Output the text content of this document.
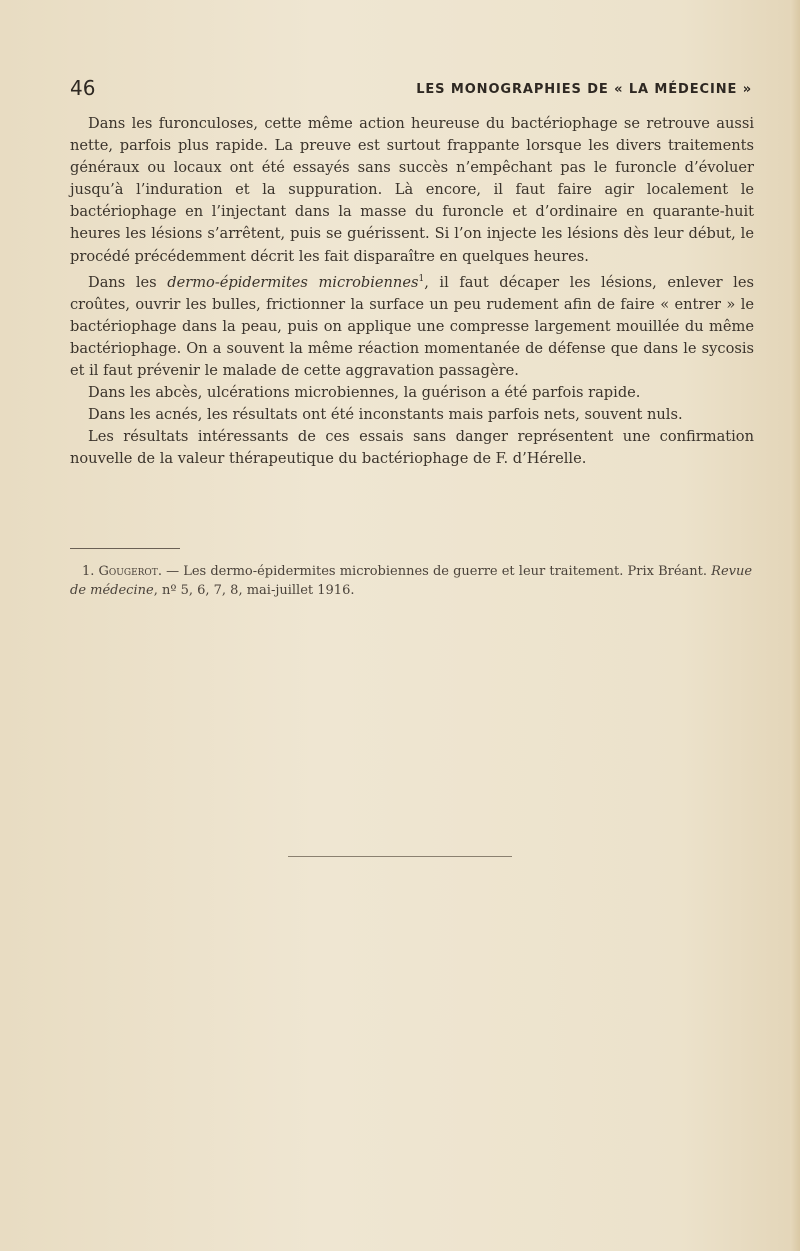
46	LES MONOGRAPHIES DE « LA MÉDECINE »

Dans les furonculoses, cette même action heureuse du bactériophage se retrouve aussi nette, parfois plus rapide. La preuve est surtout frappante lorsque les divers traitements généraux ou locaux ont été essayés sans succès n’empêchant pas le furoncle d’évoluer jusqu’à l’induration et la suppuration. Là encore, il faut faire agir localement le bactériophage en l’injectant dans la masse du furoncle et d’ordinaire en quarante-huit heures les lésions s’arrêtent, puis se guérissent. Si l’on injecte les lésions dès leur début, le procédé précédemment décrit les fait disparaître en quelques heures.

Dans les dermo-épidermites microbiennes$^1$, il faut décaper les lésions, enlever les croûtes, ouvrir les bulles, frictionner la surface un peu rudement afin de faire « entrer » le bactériophage dans la peau, puis on applique une compresse largement mouillée du même bactériophage. On a souvent la même réaction momentanée de défense que dans le sycosis et il faut prévenir le malade de cette aggravation passagère.

Dans les abcès, ulcérations microbiennes, la guérison a été parfois rapide.

Dans les acnés, les résultats ont été inconstants mais parfois nets, souvent nuls.

Les résultats intéressants de ces essais sans danger représentent une confirmation nouvelle de la valeur thérapeutique du bactériophage de F. d’Hérelle.

1. Gougerot. — Les dermo-épidermites microbiennes de guerre et leur traitement. Prix Bréant. Revue de médecine, nº 5, 6, 7, 8, mai-juillet 1916.
